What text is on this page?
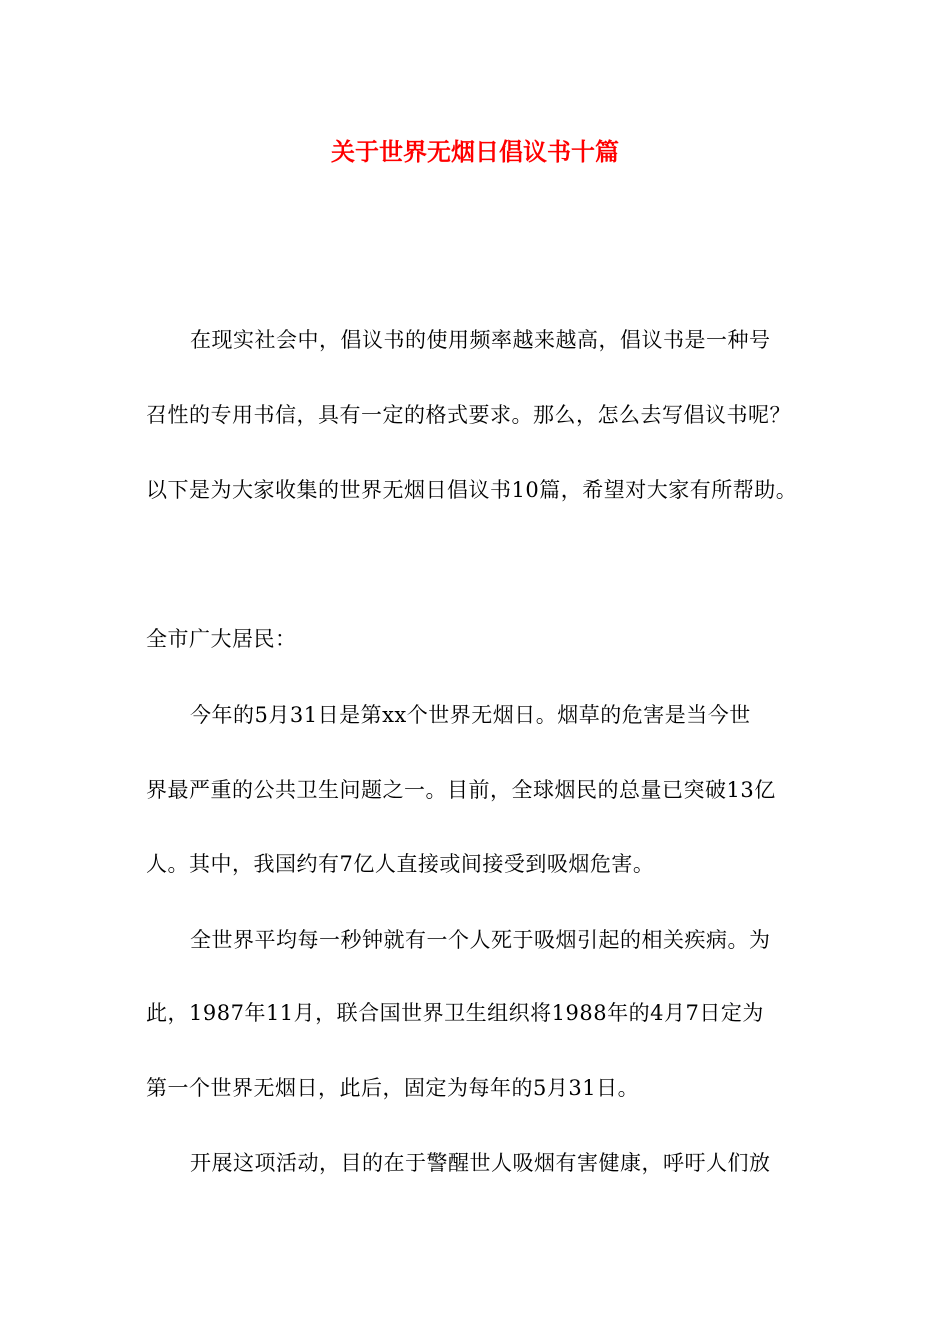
关于世界无烟日倡议书十篇
在现实社会中，倡议书的使用频率越来越高，倡议书是一种号
召性的专用书信，具有一定的格式要求。那么，怎么去写倡议书呢？
以下是为大家收集的世界无烟日倡议书10篇，希望对大家有所帮助。
全市广大居民：
今年的5月31日是第xx个世界无烟日。烟草的危害是当今世
界最严重的公共卫生问题之一。目前，全球烟民的总量已突破13亿
人。其中，我国约有7亿人直接或间接受到吸烟危害。
全世界平均每一秒钟就有一个人死于吸烟引起的相关疾病。为
此，1987年11月，联合国世界卫生组织将1988年的4月7日定为
第一个世界无烟日，此后，固定为每年的5月31日。
开展这项活动，目的在于警醒世人吸烟有害健康，呼吁人们放
